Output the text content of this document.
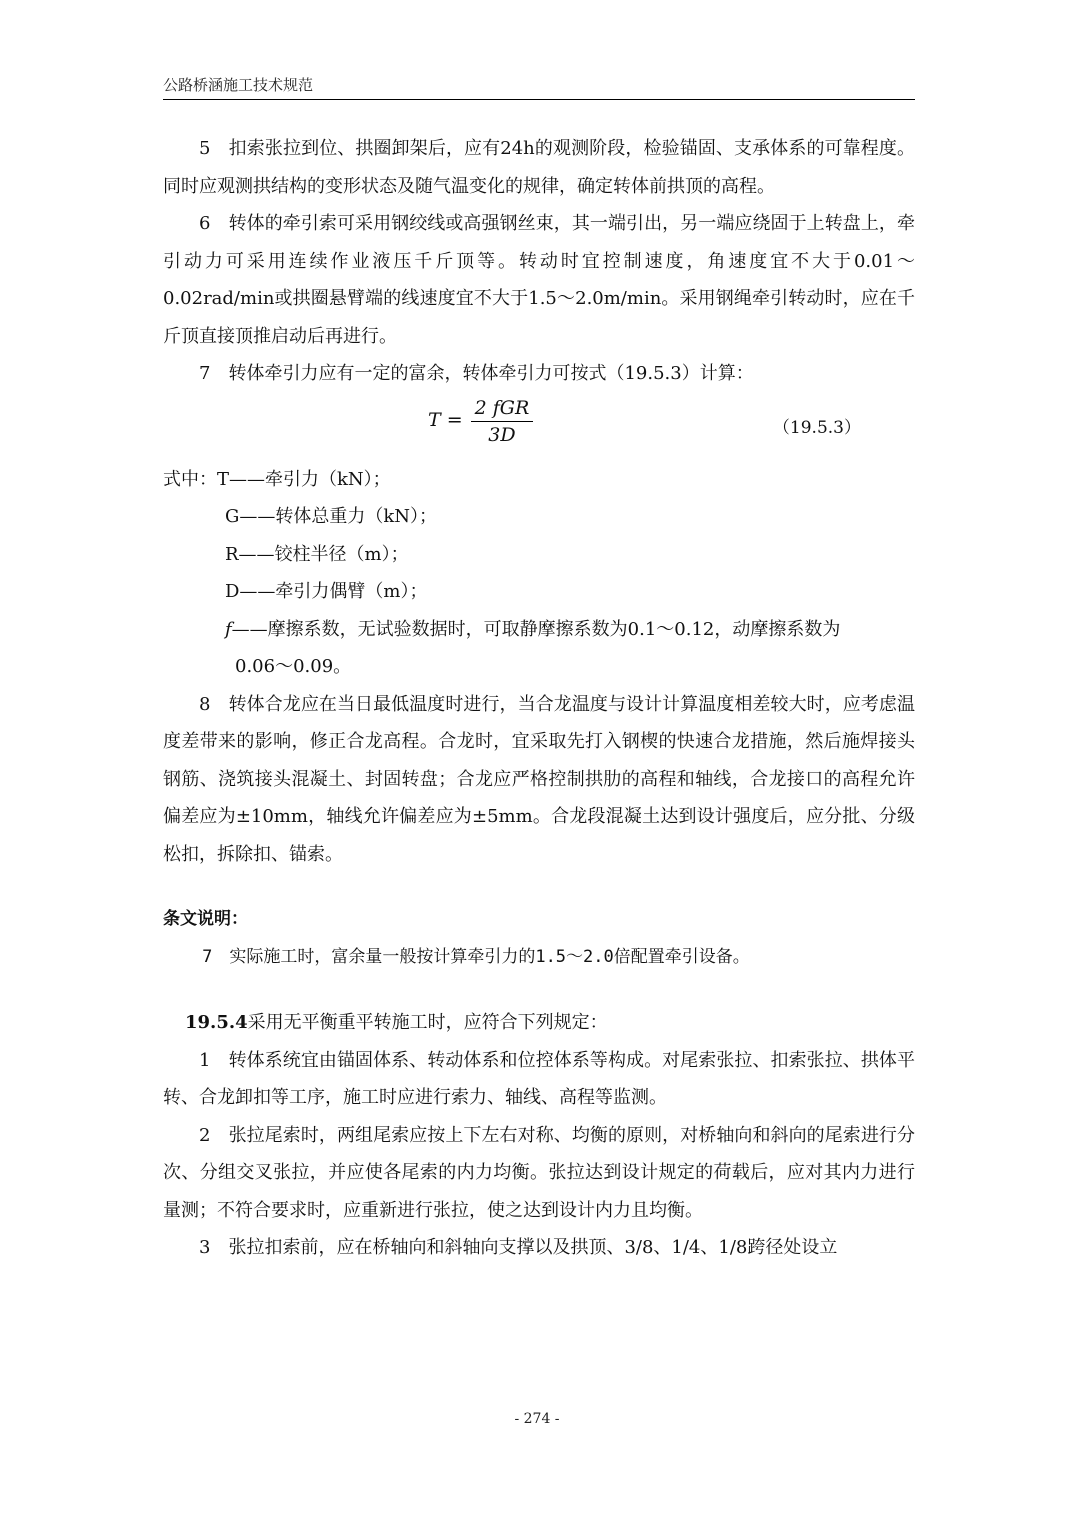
公路桥涵施工技术规范

5　扣索张拉到位、拱圈卸架后，应有24h的观测阶段，检验锚固、支承体系的可靠程度。同时应观测拱结构的变形状态及随气温变化的规律，确定转体前拱顶的高程。

6　转体的牵引索可采用钢绞线或高强钢丝束，其一端引出，另一端应绕固于上转盘上，牵引动力可采用连续作业液压千斤顶等。转动时宜控制速度，角速度宜不大于0.01～0.02rad/min或拱圈悬臂端的线速度宜不大于1.5～2.0m/min。采用钢绳牵引转动时，应在千斤顶直接顶推启动后再进行。

7　转体牵引力应有一定的富余，转体牵引力可按式（19.5.3）计算：

$T = \frac{\text{2 fGR}}{3D}$	（19.5.3）

式中：T——牵引力（kN）；

G——转体总重力（kN）；

R——铰柱半径（m）；

D——牵引力偶臂（m）；

f——摩擦系数，无试验数据时，可取静摩擦系数为0.1～0.12，动摩擦系数为

0.06～0.09。

8　转体合龙应在当日最低温度时进行，当合龙温度与设计计算温度相差较大时，应考虑温度差带来的影响，修正合龙高程。合龙时，宜采取先打入钢楔的快速合龙措施，然后施焊接头钢筋、浇筑接头混凝土、封固转盘；合龙应严格控制拱肋的高程和轴线，合龙接口的高程允许偏差应为±10mm，轴线允许偏差应为±5mm。合龙段混凝土达到设计强度后，应分批、分级松扣，拆除扣、锚索。

条文说明：

7　实际施工时，富余量一般按计算牵引力的1.5～2.0倍配置牵引设备。

19.5.4采用无平衡重平转施工时，应符合下列规定：

1　转体系统宜由锚固体系、转动体系和位控体系等构成。对尾索张拉、扣索张拉、拱体平转、合龙卸扣等工序，施工时应进行索力、轴线、高程等监测。

2　张拉尾索时，两组尾索应按上下左右对称、均衡的原则，对桥轴向和斜向的尾索进行分次、分组交叉张拉，并应使各尾索的内力均衡。张拉达到设计规定的荷载后，应对其内力进行量测；不符合要求时，应重新进行张拉，使之达到设计内力且均衡。

3　张拉扣索前，应在桥轴向和斜轴向支撑以及拱顶、3/8、1/4、1/8跨径处设立

- 274 -
